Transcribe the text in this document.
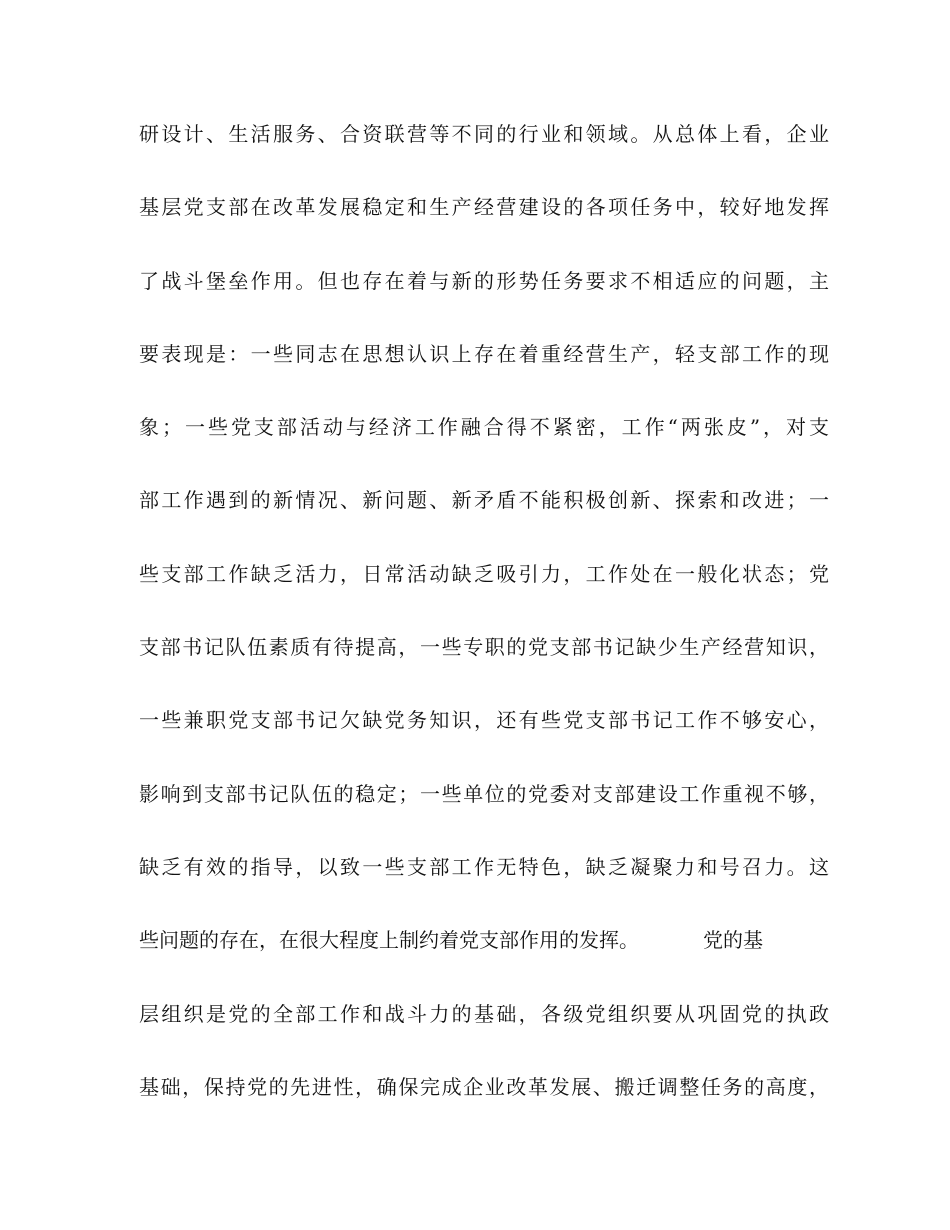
研设计、生活服务、合资联营等不同的行业和领域。从总体上看，企业
基层党支部在改革发展稳定和生产经营建设的各项任务中，较好地发挥
了战斗堡垒作用。但也存在着与新的形势任务要求不相适应的问题，主
要表现是：一些同志在思想认识上存在着重经营生产，轻支部工作的现
象；一些党支部活动与经济工作融合得不紧密，工作“两张皮”，对支
部工作遇到的新情况、新问题、新矛盾不能积极创新、探索和改进；一
些支部工作缺乏活力，日常活动缺乏吸引力，工作处在一般化状态；党
支部书记队伍素质有待提高，一些专职的党支部书记缺少生产经营知识，
一些兼职党支部书记欠缺党务知识，还有些党支部书记工作不够安心，
影响到支部书记队伍的稳定；一些单位的党委对支部建设工作重视不够，
缺乏有效的指导，以致一些支部工作无特色，缺乏凝聚力和号召力。这
些问题的存在，在很大程度上制约着党支部作用的发挥。	党的基
层组织是党的全部工作和战斗力的基础，各级党组织要从巩固党的执政
基础，保持党的先进性，确保完成企业改革发展、搬迁调整任务的高度，
